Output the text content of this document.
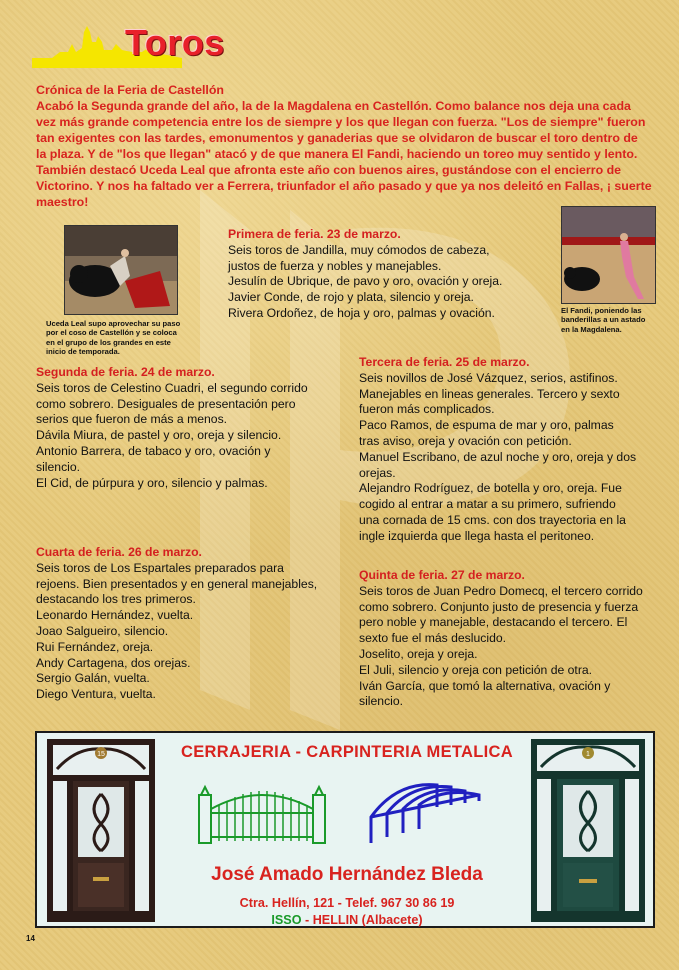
Toros
Crónica de la Feria de Castellón
Acabó la Segunda grande del año, la de la Magdalena en Castellón. Como balance nos deja una cada
vez más grande competencia entre los de siempre y los que llegan con fuerza. "Los de siempre" fueron
tan exigentes con las tardes, emonumentos y ganaderias que se olvidaron de buscar el toro dentro de
la plaza. Y de "los que llegan" atacó y de que manera El Fandi, haciendo un toreo muy sentido y lento.
También destacó Uceda Leal que afronta este año con buenos aires, gustándose con el encierro de
Victorino. Y nos ha faltado ver a Ferrera, triunfador el año pasado y que ya nos deleitó en Fallas, ¡ suerte
maestro!
Uceda Leal supo aprovechar su paso
por el coso de Castellón y se coloca
en el grupo de los grandes en este
inicio de temporada.
El Fandi, poniendo las
banderillas a un astado
en la Magdalena.

Primera de feria. 23 de marzo.

Seis toros de Jandilla, muy cómodos de cabeza,

justos de fuerza y nobles y manejables.

Jesulín de Ubrique, de pavo y oro, ovación y oreja.

Javier Conde, de rojo y plata, silencio y oreja.

Rivera Ordoñez, de hoja y oro, palmas y ovación.

Segunda de feria. 24 de marzo.

Seis toros de Celestino Cuadri, el segundo corrido

como sobrero. Desiguales de presentación pero

serios que fueron de más a menos.

Dávila Miura, de pastel y oro, oreja y silencio.

Antonio Barrera, de tabaco y oro, ovación y

silencio.

El Cid, de púrpura y oro, silencio y palmas.

Tercera de feria. 25 de marzo.

Seis novillos de José Vázquez, serios, astifinos.

Manejables en lineas generales. Tercero y sexto

fueron más complicados.

Paco Ramos, de espuma de mar y oro, palmas

tras aviso, oreja y ovación con petición.

Manuel Escribano, de azul noche y oro, oreja y dos

orejas.

Alejandro Rodríguez, de botella y oro, oreja. Fue

cogido al entrar a matar a su primero, sufriendo

una cornada de 15 cms. con dos trayectoria en la

ingle izquierda que llega hasta el peritoneo.

Cuarta de feria. 26 de marzo.

Seis toros de Los Espartales preparados para

rejoens. Bien presentados y en general manejables,

destacando los tres primeros.

Leonardo Hernández, vuelta.

Joao Salgueiro, silencio.

Rui Fernández, oreja.

Andy Cartagena, dos orejas.

Sergio Galán, vuelta.

Diego Ventura, vuelta.

Quinta de feria. 27 de marzo.

Seis toros de Juan Pedro Domecq, el tercero corrido

como sobrero. Conjunto justo de presencia y fuerza

pero noble y manejable, destacando el tercero. El

sexto fue el más deslucido.

Joselito, oreja y oreja.

El Juli, silencio y oreja con petición de otra.

Iván García, que tomó la alternativa, ovación y

silencio.

CERRAJERIA - CARPINTERIA METALICA
15	1
José Amado Hernández Bleda
Ctra. Hellín, 121 - Telef. 967 30 86 19
ISSO - HELLIN (Albacete)
14
